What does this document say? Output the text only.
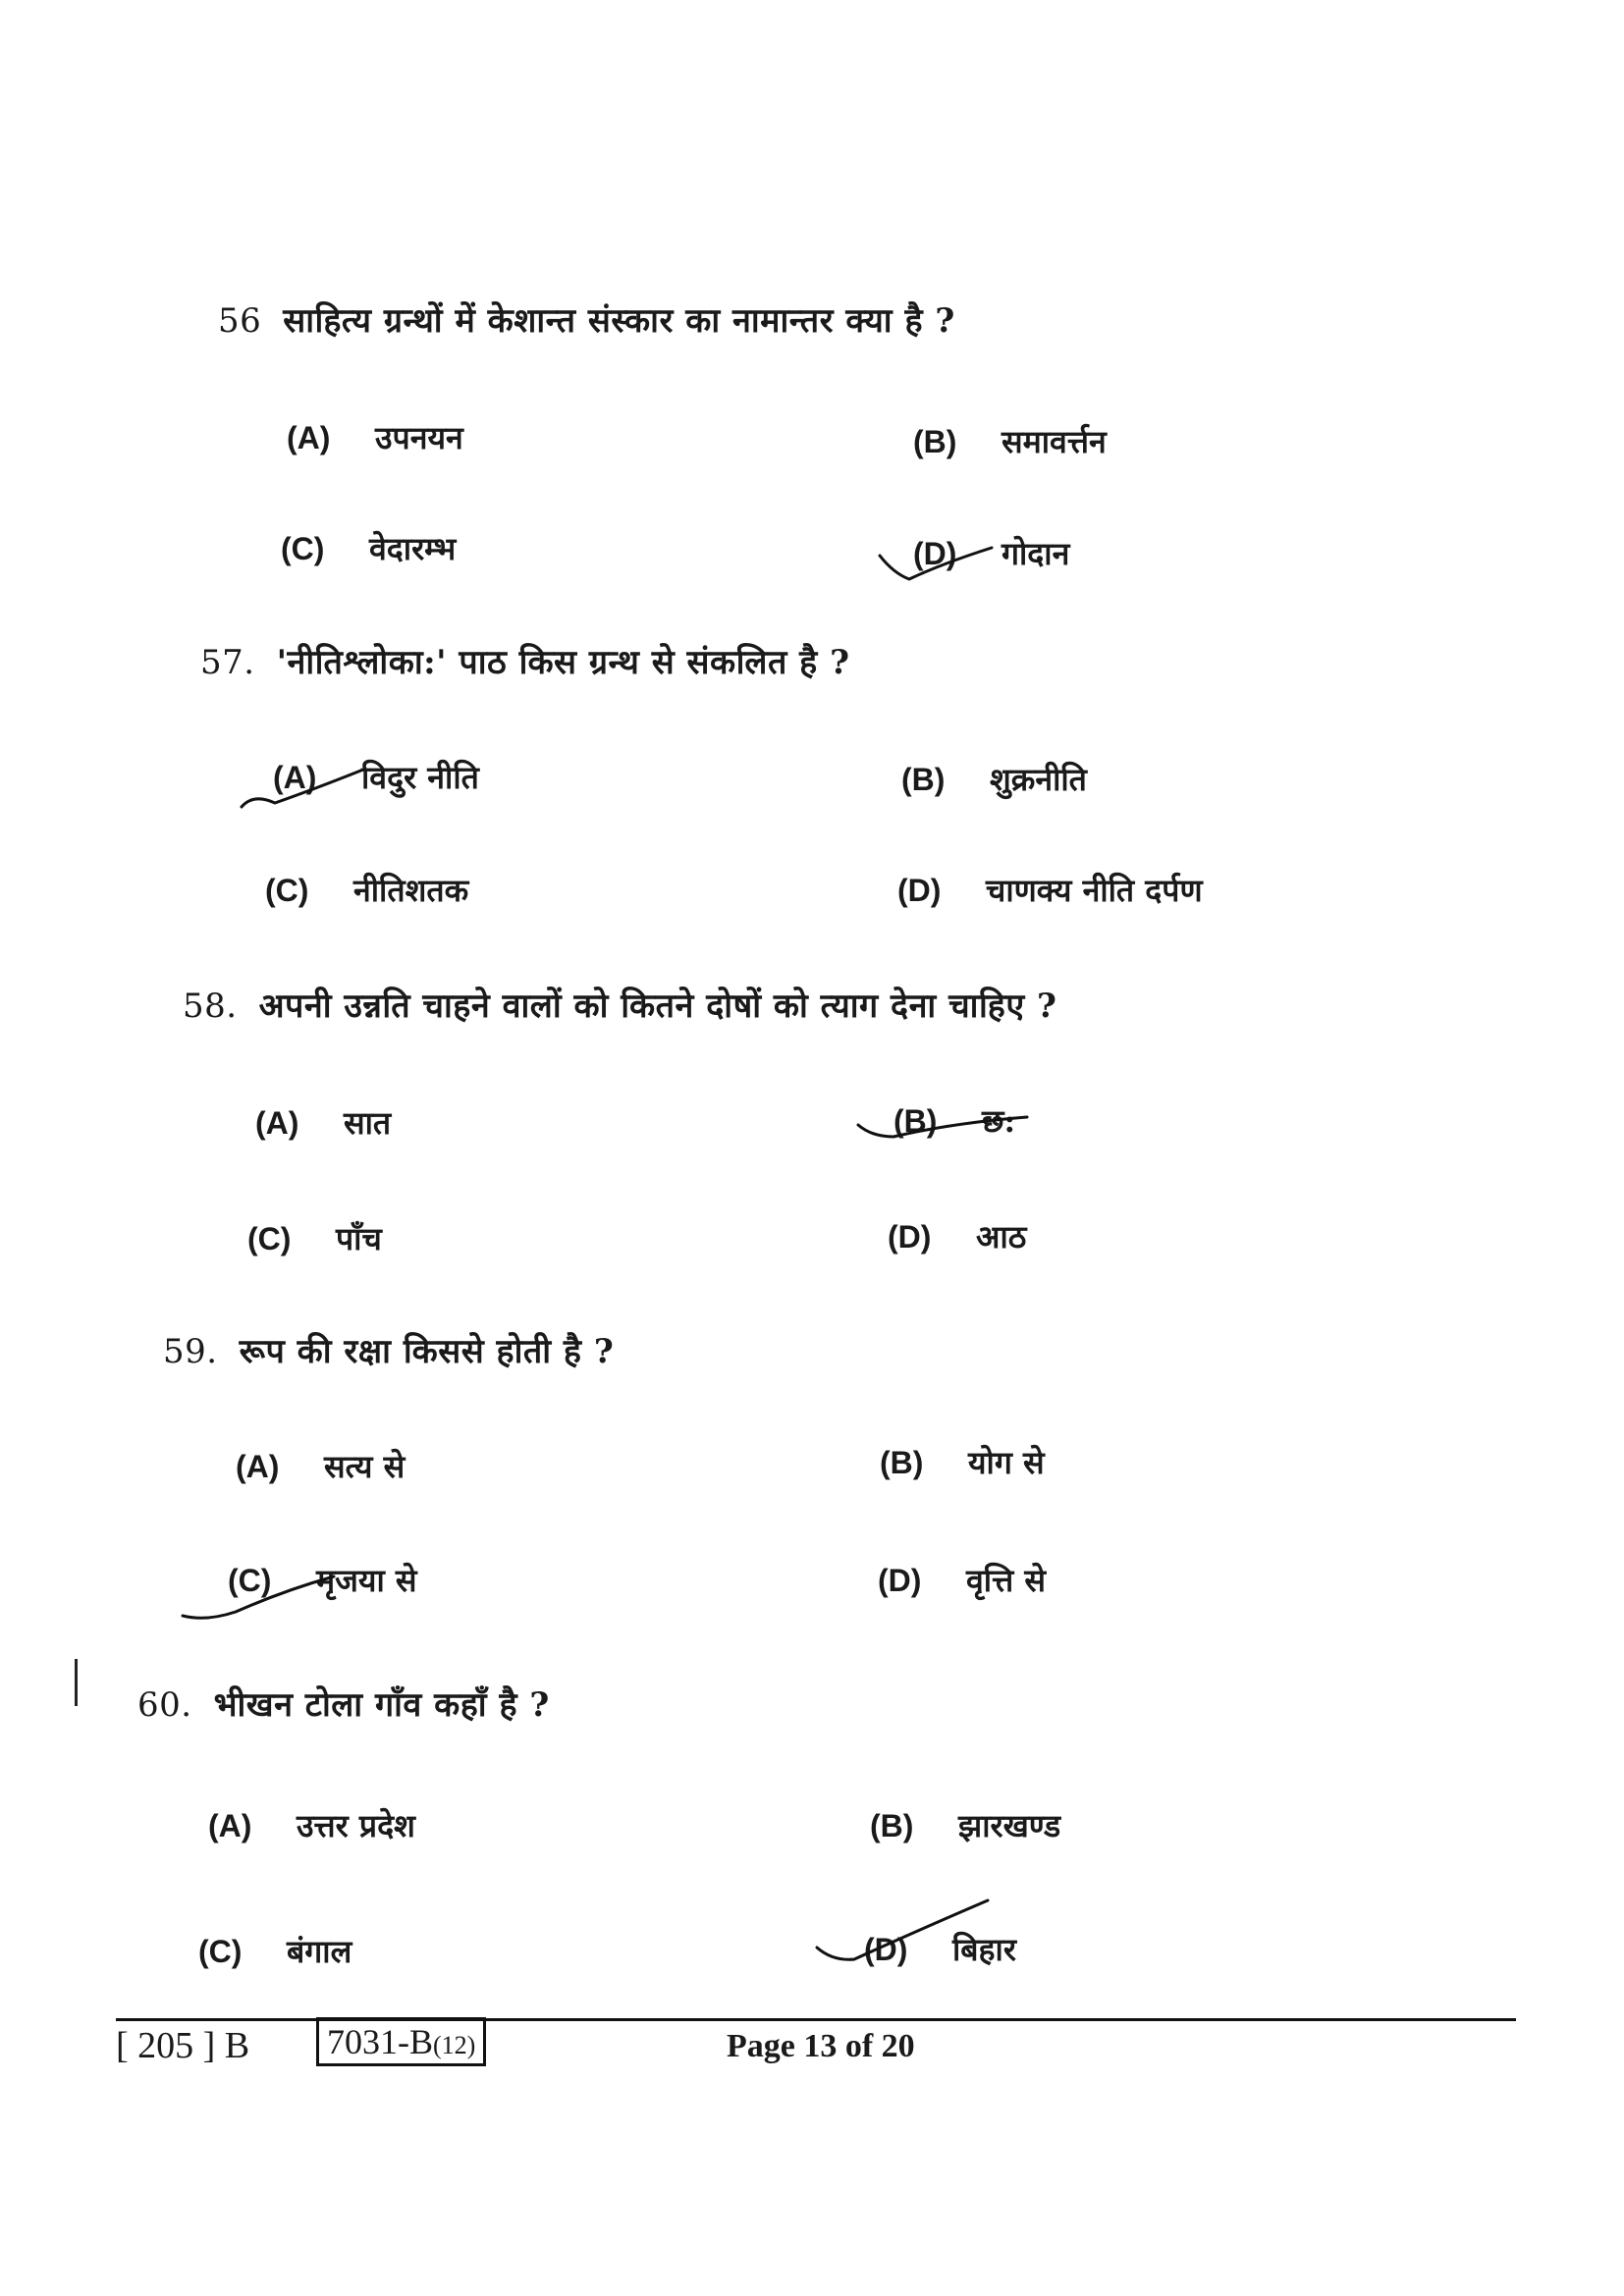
56 साहित्य ग्रन्थों में केशान्त संस्कार का नामान्तर क्या है ?
(A) उपनयन	(B) समावर्त्तन
(C) वेदारम्भ	(D) गोदान
57. 'नीतिश्लोका:' पाठ किस ग्रन्थ से संकलित है ?
(A) विदुर नीति	(B) शुक्रनीति
(C) नीतिशतक	(D) चाणक्य नीति दर्पण
58. अपनी उन्नति चाहने वालों को कितने दोषों को त्याग देना चाहिए ?
(A) सात	(B) छ:
(C) पाँच	(D) आठ
59. रूप की रक्षा किससे होती है ?
(A) सत्य से	(B) योग से
(C) मृजया से	(D) वृत्ति से
60. भीखन टोला गाँव कहाँ है ?
(A) उत्तर प्रदेश	(B) झारखण्ड
(C) बंगाल	(D) बिहार
[ 205 ] B	7031-B(12)	Page 13 of 20
